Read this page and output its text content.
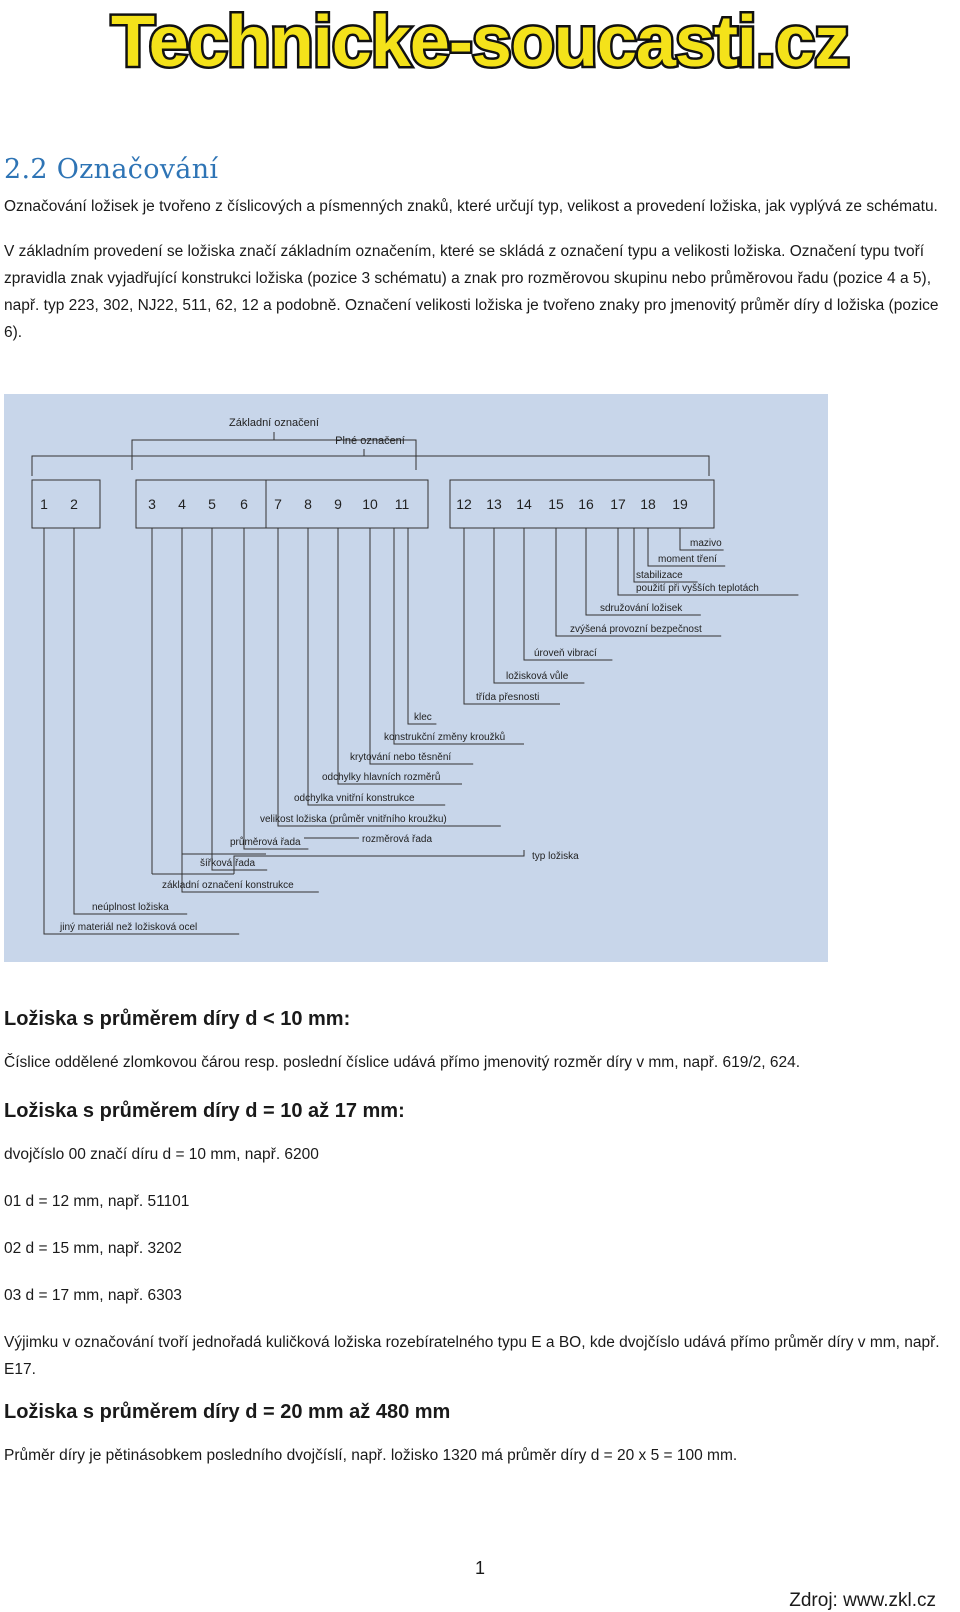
Technicke-soucasti.cz
2.2 Označování

Označování ložisek je tvořeno z číslicových a písmenných znaků, které určují typ, velikost a provedení ložiska, jak vyplývá ze schématu.

V základním provedení se ložiska značí základním označením, které se skládá z označení typu a velikosti ložiska. Označení typu tvoří zpravidla znak vyjadřující konstrukci ložiska (pozice 3 schématu) a znak pro rozměrovou skupinu nebo průměrovou řadu (pozice 4 a 5), např. typ 223, 302, NJ22, 511, 62, 12 a podobně. Označení velikosti ložiska je tvořeno znaky pro jmenovitý průměr díry d ložiska (pozice 6).

1 2	3 4 5 6 7 8 9 10 11	12 13 14 15 16 17 18 19
mazivo
moment tření
stabilizace
použití při vyšších teplotách
sdružování ložisek
zvýšená provozní bezpečnost
úroveň vibrací
ložisková vůle
třída přesnosti
klec
konstrukční změny kroužků
krytování nebo těsnění
odchylky hlavních rozměrů
odchylka vnitřní konstrukce
velikost ložiska (průměr vnitřního kroužku)
průměrová řada
šířková řada
základní označení konstrukce
neúplnost ložiska
jiný materiál než ložisková ocel
rozměrová řada
typ ložiska
Základní označení
Plné označení
Ložiska s průměrem díry d < 10 mm:

Číslice oddělené zlomkovou čárou resp. poslední číslice udává přímo jmenovitý rozměr díry v mm, např. 619/2, 624.

Ložiska s průměrem díry d = 10 až 17 mm:

dvojčíslo 00 značí díru d = 10 mm, např. 6200

01 d = 12 mm, např. 51101

02 d = 15 mm, např. 3202

03 d = 17 mm, např. 6303

Výjimku v označování tvoří jednořadá kuličková ložiska rozebíratelného typu E a BO, kde dvojčíslo udává přímo průměr díry v mm, např. E17.

Ložiska s průměrem díry d = 20 mm až 480 mm

Průměr díry je pětinásobkem posledního dvojčíslí, např. ložisko 1320 má průměr díry d = 20 x 5 = 100 mm.

1
Zdroj: www.zkl.cz
